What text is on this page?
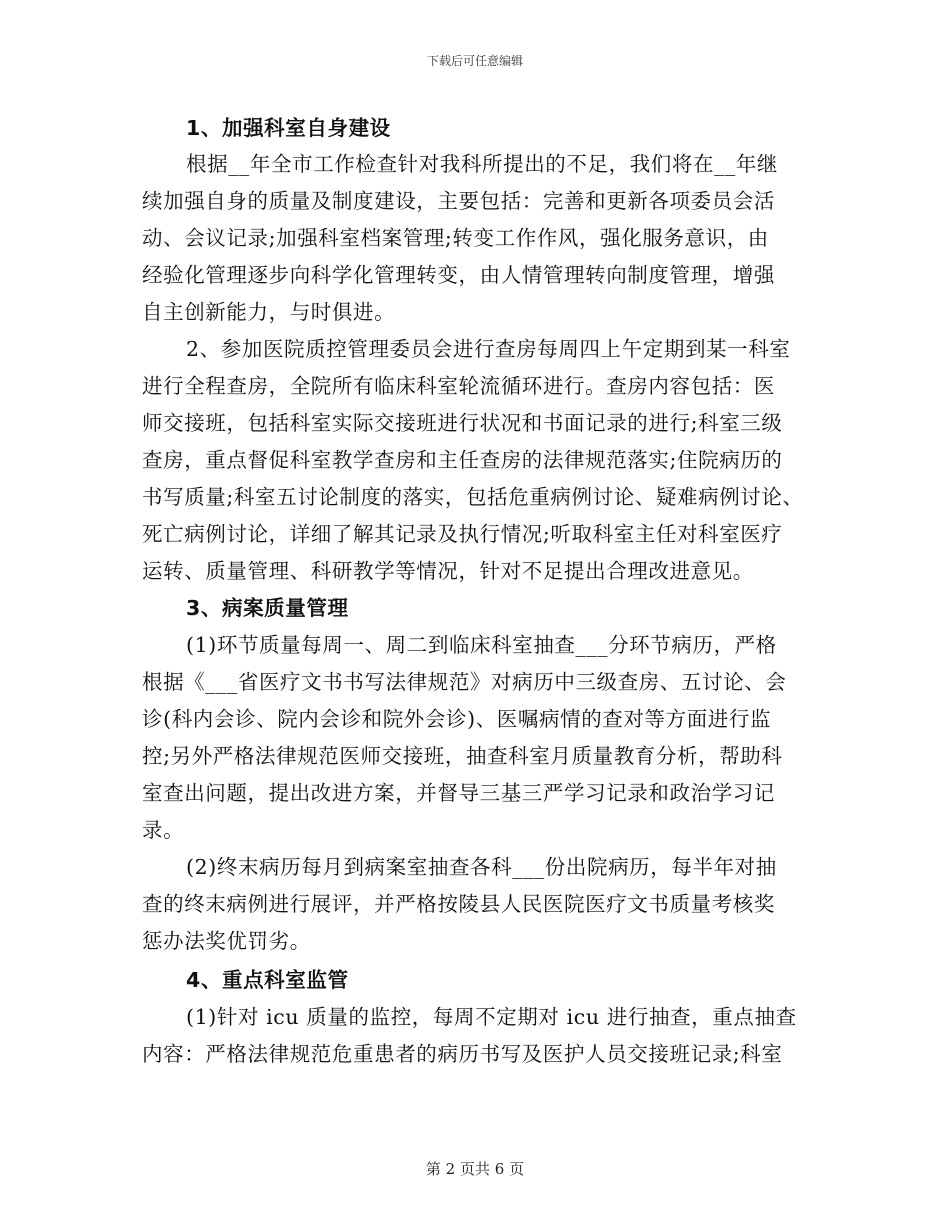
下载后可任意编辑
1、加强科室自身建设
根据__年全市工作检查针对我科所提出的不足，我们将在__年继
续加强自身的质量及制度建设，主要包括：完善和更新各项委员会活
动、会议记录;加强科室档案管理;转变工作作风，强化服务意识，由
经验化管理逐步向科学化管理转变，由人情管理转向制度管理，增强
自主创新能力，与时俱进。
2、参加医院质控管理委员会进行查房每周四上午定期到某一科室
进行全程查房，全院所有临床科室轮流循环进行。查房内容包括：医
师交接班，包括科室实际交接班进行状况和书面记录的进行;科室三级
查房，重点督促科室教学查房和主任查房的法律规范落实;住院病历的
书写质量;科室五讨论制度的落实，包括危重病例讨论、疑难病例讨论、
死亡病例讨论，详细了解其记录及执行情况;听取科室主任对科室医疗
运转、质量管理、科研教学等情况，针对不足提出合理改进意见。
3、病案质量管理
(1)环节质量每周一、周二到临床科室抽查___分环节病历，严格
根据《___省医疗文书书写法律规范》对病历中三级查房、五讨论、会
诊(科内会诊、院内会诊和院外会诊)、医嘱病情的查对等方面进行监
控;另外严格法律规范医师交接班，抽查科室月质量教育分析，帮助科
室查出问题，提出改进方案，并督导三基三严学习记录和政治学习记
录。
(2)终末病历每月到病案室抽查各科___份出院病历，每半年对抽
查的终末病例进行展评，并严格按陵县人民医院医疗文书质量考核奖
惩办法奖优罚劣。
4、重点科室监管
(1)针对 icu 质量的监控，每周不定期对 icu 进行抽查，重点抽查
内容：严格法律规范危重患者的病历书写及医护人员交接班记录;科室
第 2 页共 6 页
